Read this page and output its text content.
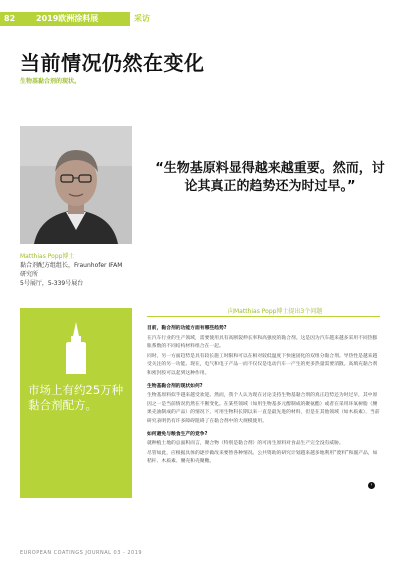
82	2019欧洲涂料展	采访
当前情况仍然在变化
生物基黏合剂的现状。
“生物基原料显得越来越重要。然而，讨论其真正的趋势还为时过早。”
Matthias Popp博士
黏合剂配方组组长，Fraunhofer IFAM
研究所
5号展厅，5-339号展台
市场上有约25万种黏合剂配方。
向Matthias Popp博士提出3个问题

目前，黏合剂的功能方面有哪些趋势?

在汽车行业的生产领域，需要使用具有高断裂伸长率和高强度的黏合剂。这是因为汽车越来越多采用不同热膨胀系数的不同结构材料组合在一起。

同时，另一方面趋势是具有较长施工时限和可以在相对较低温度下快速固化的双组分黏合剂。导热性是越来越受关注的另一功能。现在，电气和电子产品一而不仅仅是电动汽车一产生的更多热量需要消散。高填充黏合剂和密封胶可以起到这种作用。

生物基黏合剂的现状如何?

生物基原料似乎越来越受欢迎。然而，我个人认为现在讨论支持生物基黏合剂的真正趋势还为时过早，其中原因之一是当前情况仍然在不断变化。在某些领域（如用生物基多元醇制成的聚氨酯）或者在采用环氧树脂（腰果壳油制成的产品）的情况下，可用生物科长期以来一直是最先进的材料，但是在其他领域（如木质素），当前研究表明仍有许多障碍阻碍了在黏合剂中的大规模使用。

如何避免与粮食生产的竞争?

就种植土地的总面积而言，聚合物（特别是黏合剂）的可再生原料对食品生产完全没有威胁。

尽管如此，应根据具体的逐步做改来要替各种情况。公共资助的研究计划越来越多地利用“废料”和副产品，如秸秆、木质素、腰壳和壳聚糖。

›
EUROPEAN COATINGS JOURNAL 03 - 2019
